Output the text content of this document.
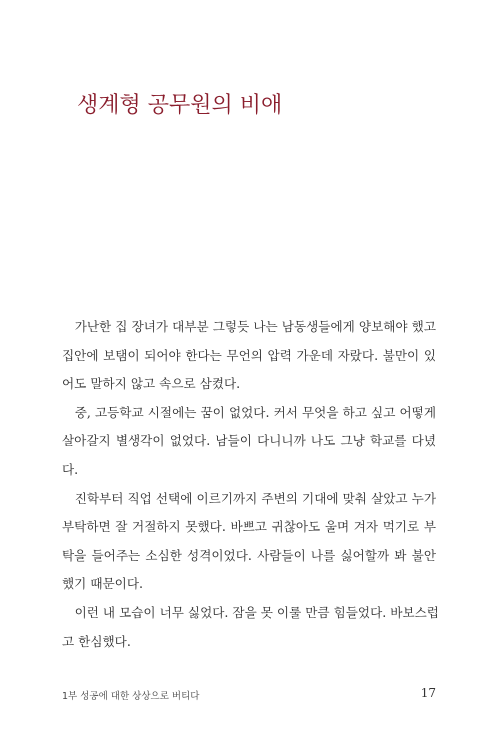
생계형 공무원의 비애
　가난한 집 장녀가 대부분 그렇듯 나는 남동생들에게 양보해야 했고
집안에 보탬이 되어야 한다는 무언의 압력 가운데 자랐다. 불만이 있
어도 말하지 않고 속으로 삼켰다.
　중, 고등학교 시절에는 꿈이 없었다. 커서 무엇을 하고 싶고 어떻게
살아갈지 별생각이 없었다. 남들이 다니니까 나도 그냥 학교를 다녔
다.
　진학부터 직업 선택에 이르기까지 주변의 기대에 맞춰 살았고 누가
부탁하면 잘 거절하지 못했다. 바쁘고 귀찮아도 울며 겨자 먹기로 부
탁을 들어주는 소심한 성격이었다. 사람들이 나를 싫어할까 봐 불안
했기 때문이다.
　이런 내 모습이 너무 싫었다. 잠을 못 이룰 만큼 힘들었다. 바보스럽
고 한심했다.
1부 성공에 대한 상상으로 버티다	17
